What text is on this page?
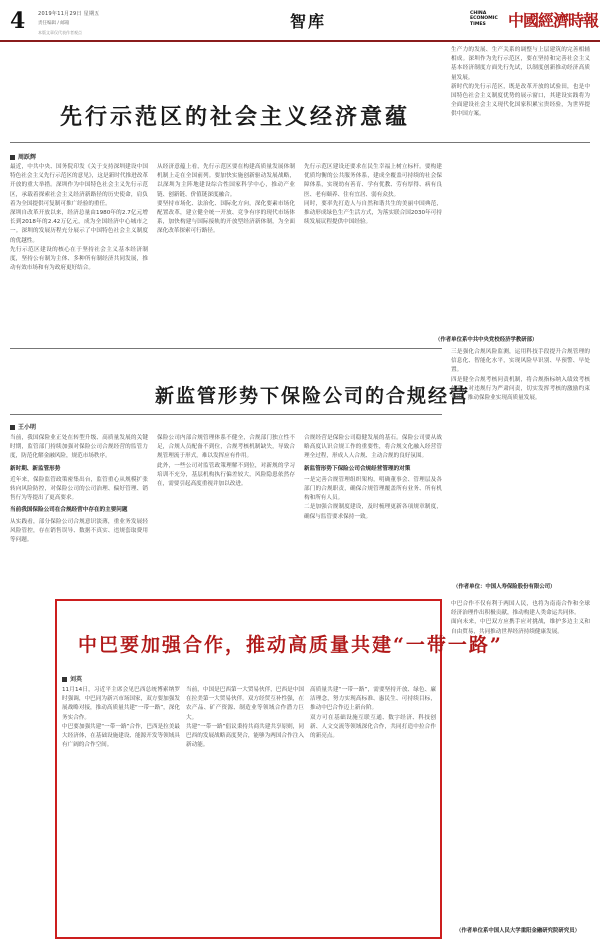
4	2019年11月29日 星期五
责任编辑 / 邮箱
本版文章仅代表作者观点
智库	CHINA ECONOMIC TIMES	中國經濟時報
先行示范区的社会主义经济意蕴
周跃辉
最近，中共中央、国务院印发《关于支持深圳建设中国特色社会主义先行示范区的意见》，这是新时代推进改革开放的重大举措。深圳作为中国特色社会主义先行示范区，承载着探索社会主义经济新路径的历史使命，肩负着为全国提供可复制可推广经验的重任。
深圳自改革开放以来，经济总量由1980年的2.7亿元增长到2018年的2.42万亿元，成为全国经济中心城市之一。深圳的发展历程充分展示了中国特色社会主义制度的优越性。
先行示范区建设的核心在于坚持社会主义基本经济制度，坚持公有制为主体、多种所有制经济共同发展，推动有效市场和有为政府更好结合。
从经济意蕴上看，先行示范区要在构建高质量发展体制机制上走在全国前列。要加快实施创新驱动发展战略，以深圳为主阵地建设综合性国家科学中心，推动产业链、创新链、价值链深度融合。
要坚持市场化、法治化、国际化方向，深化要素市场化配置改革，建立健全统一开放、竞争有序的现代市场体系，加快构建与国际接轨的开放型经济新体制，为全面深化改革探索可行路径。
先行示范区建设还要求在民生幸福上树立标杆。要构建优质均衡的公共服务体系，建成全覆盖可持续的社会保障体系，实现幼有善育、学有优教、劳有厚得、病有良医、老有颐养、住有宜居、弱有众扶。
同时，要率先打造人与自然和谐共生的美丽中国典范，推动形成绿色生产生活方式，为落实联合国2030年可持续发展议程提供中国经验。
生产力的发展、生产关系的调整与上层建筑的完善相辅相成。深圳作为先行示范区，要在坚持和完善社会主义基本经济制度方面先行先试，以制度创新推动经济高质量发展。
新时代的先行示范区，既是改革开放的试验田，也是中国特色社会主义制度优势的展示窗口，其建设实践将为全面建设社会主义现代化国家积累宝贵经验，为世界提供中国方案。
（作者单位系中共中央党校经济学教研部）
新监管形势下保险公司的合规经营
王小明
当前，我国保险业正处在转型升级、高质量发展的关键时期，监管部门持续加强对保险公司合规经营的监管力度，防范化解金融风险，规范市场秩序。
新时期、新监管形势
近年来，保险监管政策密集出台，监管重心从规模扩张转向风险防控，对保险公司的公司治理、偏好管理、销售行为等提出了更高要求。
当前我国保险公司在合规经营中存在的主要问题
从实践看，部分保险公司合规意识淡薄，重业务发展轻风险管控，存在销售误导、数据不真实、违规套取费用等问题。
保险公司内部合规管理体系不健全，合规部门独立性不足，合规人员配备不到位，合规考核机制缺失，导致合规管理流于形式，难以发挥应有作用。
此外，一些公司对监管政策理解不到位，对新规的学习培训不充分，基层机构执行偏差较大，风险隐患依然存在，需要引起高度重视并加以改进。
合规经营是保险公司稳健发展的基石。保险公司要从战略高度认识合规工作的重要性，将合规文化融入经营管理全过程，形成人人合规、主动合规的良好氛围。
新监管形势下保险公司合规经营管理的对策
一是完善合规管理组织架构，明确董事会、管理层及各部门的合规职责，确保合规管理覆盖所有业务、所有机构和所有人员。
二是加强合规制度建设，及时梳理更新各项规章制度，确保与监管要求保持一致。
三是强化合规风险监测，运用科技手段提升合规管理的信息化、智能化水平，实现风险早识别、早预警、早处置。
四是健全合规考核问责机制，将合规指标纳入绩效考核体系，对违规行为严肃问责，切实发挥考核的激励约束作用，推动保险业实现高质量发展。
（作者单位：中国人寿保险股份有限公司）
中巴要加强合作，推动高质量共建“一带一路”
刘英
11月14日，习近平主席会见巴西总统博索纳罗时强调，中巴同为新兴市场国家，双方要加强发展战略对接，推动高质量共建“一带一路”，深化务实合作。
中巴要加强共建“一带一路”合作，巴西是拉美最大经济体，在基础设施建设、能源开发等领域具有广阔的合作空间。
当前，中国是巴西第一大贸易伙伴，巴西是中国在拉美第一大贸易伙伴。双方经贸互补性强，在农产品、矿产资源、制造业等领域合作潜力巨大。
共建“一带一路”倡议秉持共商共建共享原则，同巴西的发展战略高度契合，能够为两国合作注入新动能。
高质量共建“一带一路”，需要坚持开放、绿色、廉洁理念，努力实现高标准、惠民生、可持续目标，推动中巴合作迈上新台阶。
双方可在基础设施互联互通、数字经济、科技创新、人文交流等领域深化合作，共同打造中拉合作的新亮点。
中巴合作不仅有利于两国人民，也将为南南合作和全球经济治理作出积极贡献，推动构建人类命运共同体。
面向未来，中巴双方应携手应对挑战，维护多边主义和自由贸易，共同推动世界经济持续健康发展。
（作者单位系中国人民大学重阳金融研究院研究员）
